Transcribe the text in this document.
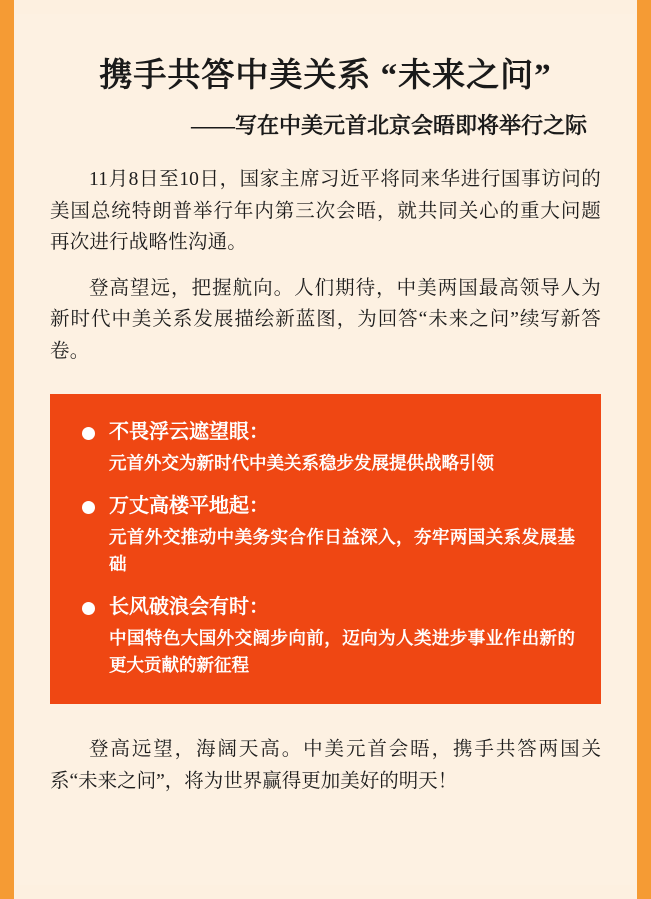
携手共答中美关系 “未来之问”
——写在中美元首北京会晤即将举行之际

11月8日至10日，国家主席习近平将同来华进行国事访问的美国总统特朗普举行年内第三次会晤，就共同关心的重大问题再次进行战略性沟通。

登高望远，把握航向。人们期待，中美两国最高领导人为新时代中美关系发展描绘新蓝图，为回答“未来之问”续写新答卷。

不畏浮云遮望眼：
元首外交为新时代中美关系稳步发展提供战略引领
万丈高楼平地起：
元首外交推动中美务实合作日益深入，夯牢两国关系发展基础
长风破浪会有时：
中国特色大国外交阔步向前，迈向为人类进步事业作出新的更大贡献的新征程

登高远望，海阔天高。中美元首会晤，携手共答两国关系“未来之问”，将为世界赢得更加美好的明天！
